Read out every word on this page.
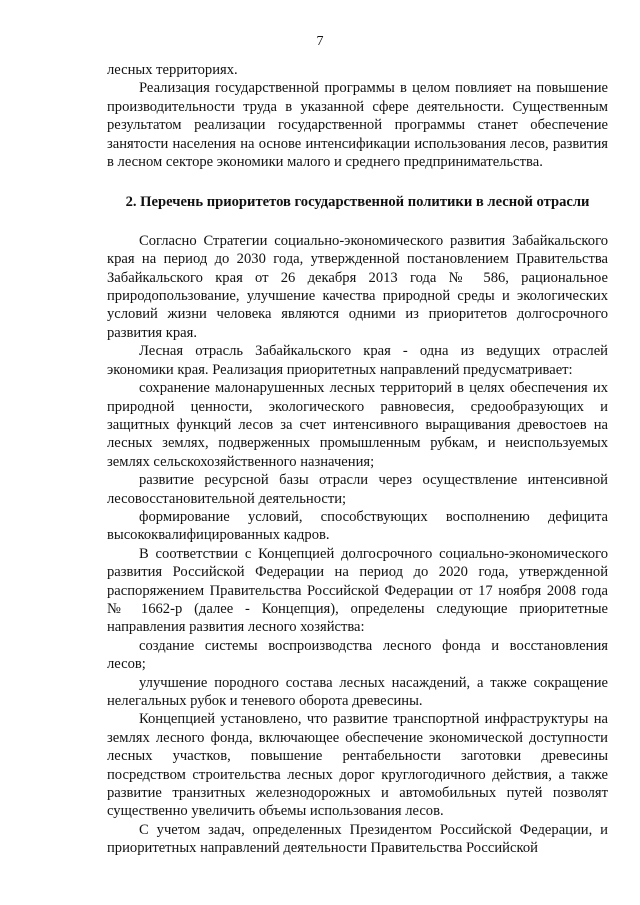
7

лесных территориях.

Реализация государственной программы в целом повлияет на повышение производительности труда в указанной сфере деятельности. Существенным результатом реализации государственной программы станет обеспечение занятости населения на основе интенсификации использования лесов, развития в лесном секторе экономики малого и среднего предпринимательства.

2. Перечень приоритетов государственной политики в лесной отрасли

Согласно Стратегии социально-экономического развития Забайкальского края на период до 2030 года, утвержденной постановлением Правительства Забайкальского края от 26 декабря 2013 года № 586, рациональное природопользование, улучшение качества природной среды и экологических условий жизни человека являются одними из приоритетов долгосрочного развития края.

Лесная отрасль Забайкальского края - одна из ведущих отраслей экономики края. Реализация приоритетных направлений предусматривает:

сохранение малонарушенных лесных территорий в целях обеспечения их природной ценности, экологического равновесия, средообразующих и защитных функций лесов за счет интенсивного выращивания древостоев на лесных землях, подверженных промышленным рубкам, и неиспользуемых землях сельскохозяйственного назначения;

развитие ресурсной базы отрасли через осуществление интенсивной лесовосстановительной деятельности;

формирование условий, способствующих восполнению дефицита высококвалифицированных кадров.

В соответствии с Концепцией долгосрочного социально-экономического развития Российской Федерации на период до 2020 года, утвержденной распоряжением Правительства Российской Федерации от 17 ноября 2008 года № 1662-р (далее - Концепция), определены следующие приоритетные направления развития лесного хозяйства:

создание системы воспроизводства лесного фонда и восстановления лесов;

улучшение породного состава лесных насаждений, а также сокращение нелегальных рубок и теневого оборота древесины.

Концепцией установлено, что развитие транспортной инфраструктуры на землях лесного фонда, включающее обеспечение экономической доступности лесных участков, повышение рентабельности заготовки древесины посредством строительства лесных дорог круглогодичного действия, а также развитие транзитных железнодорожных и автомобильных путей позволят существенно увеличить объемы использования лесов.

С учетом задач, определенных Президентом Российской Федерации, и приоритетных направлений деятельности Правительства Российской
